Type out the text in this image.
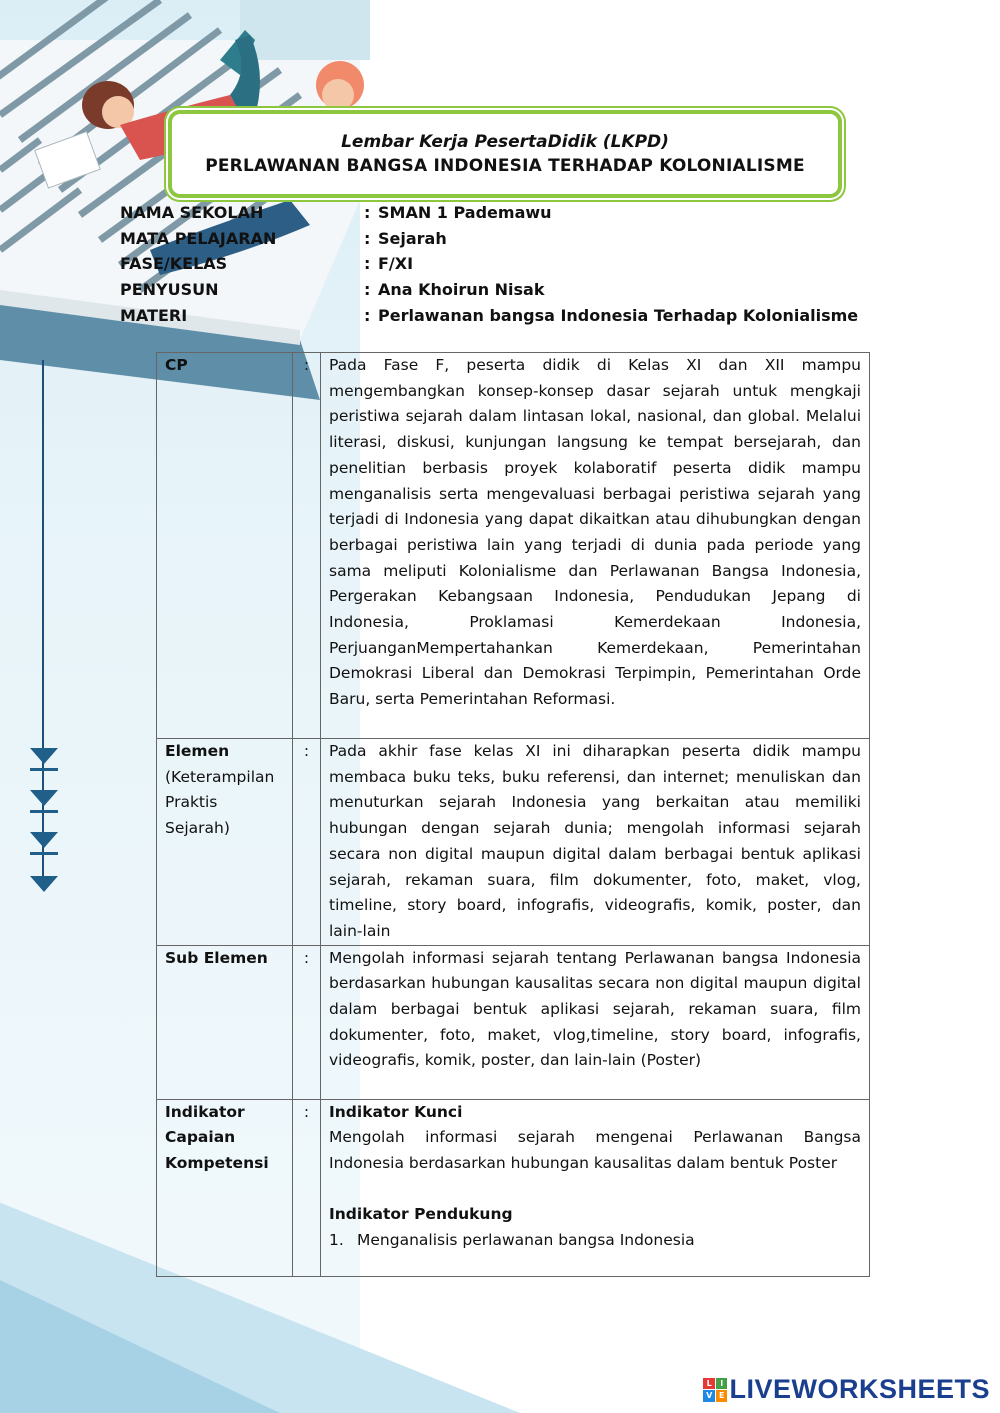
Lembar Kerja PesertaDidik (LKPD)
PERLAWANAN BANGSA INDONESIA TERHADAP KOLONIALISME
NAMA SEKOLAH	: SMAN 1 Pademawu
MATA PELAJARAN	: Sejarah
FASE/KELAS	: F/XI
PENYUSUN	: Ana Khoirun Nisak
MATERI	: Perlawanan bangsa Indonesia Terhadap Kolonialisme
CP	:	Pada Fase F, peserta didik di Kelas XI dan XII mampu mengembangkan konsep-konsep dasar sejarah untuk mengkaji peristiwa sejarah dalam lintasan lokal, nasional, dan global. Melalui literasi, diskusi, kunjungan langsung ke tempat bersejarah, dan penelitian berbasis proyek kolaboratif peserta didik mampu menganalisis serta mengevaluasi berbagai peristiwa sejarah yang terjadi di Indonesia yang dapat dikaitkan atau dihubungkan dengan berbagai peristiwa lain yang terjadi di dunia pada periode yang sama meliputi Kolonialisme dan Perlawanan Bangsa Indonesia, Pergerakan Kebangsaan Indonesia, Pendudukan Jepang di Indonesia, Proklamasi Kemerdekaan Indonesia, PerjuanganMempertahankan Kemerdekaan, Pemerintahan Demokrasi Liberal dan Demokrasi Terpimpin, Pemerintahan Orde Baru, serta Pemerintahan Reformasi.

Elemen
(Keterampilan Praktis Sejarah)	:	Pada akhir fase kelas XI ini diharapkan peserta didik mampu membaca buku teks, buku referensi, dan internet; menuliskan dan menuturkan sejarah Indonesia yang berkaitan atau memiliki hubungan dengan sejarah dunia; mengolah informasi sejarah secara non digital maupun digital dalam berbagai bentuk aplikasi sejarah, rekaman suara, film dokumenter, foto, maket, vlog, timeline, story board, infografis, videografis, komik, poster, dan lain-lain
Sub Elemen	:	Mengolah informasi sejarah tentang Perlawanan bangsa Indonesia berdasarkan hubungan kausalitas secara non digital maupun digital dalam berbagai bentuk aplikasi sejarah, rekaman suara, film dokumenter, foto, maket, vlog,timeline, story board, infografis, videografis, komik, poster, dan lain-lain (Poster)
Indikator Capaian Kompetensi	:	Indikator Kunci

Mengolah informasi sejarah mengenai Perlawanan Bangsa Indonesia berdasarkan hubungan kausalitas dalam bentuk Poster

Indikator Pendukung

1. Menganalisis perlawanan bangsa Indonesia
L	I
V E LIVEWORKSHEETS
